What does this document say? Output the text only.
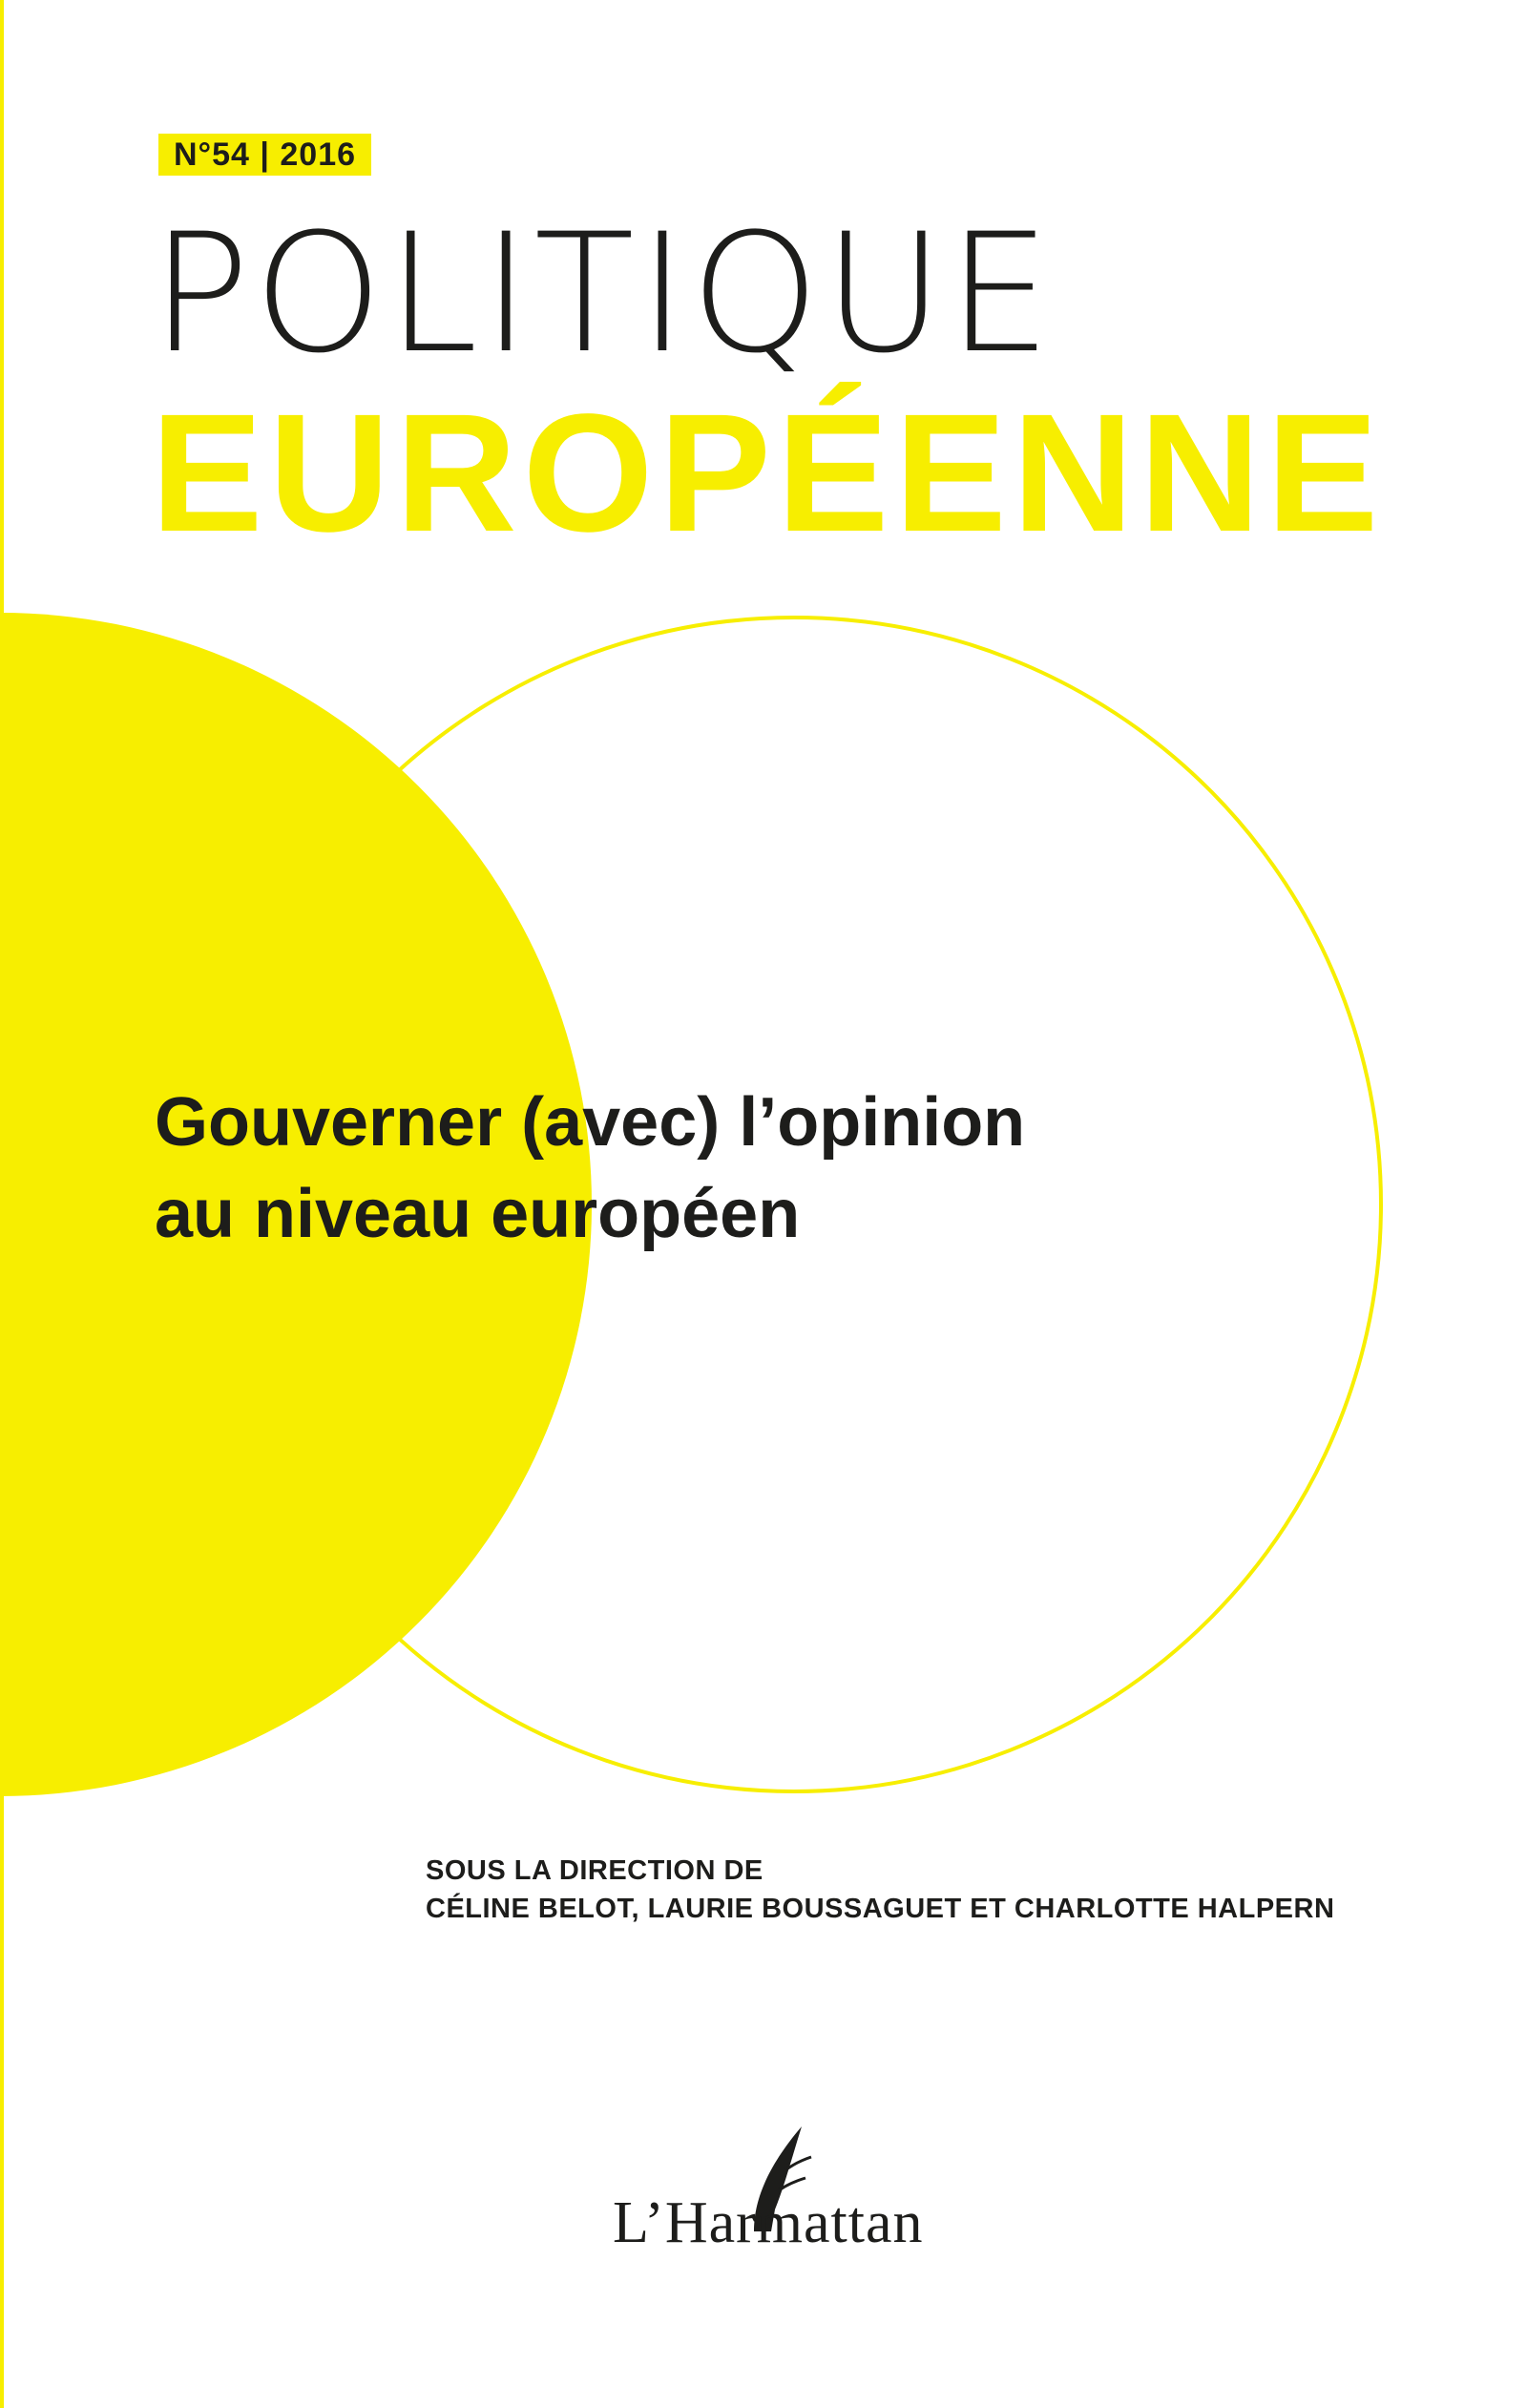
N°54 | 2016
POLITIQUE
EUROPÉENNE
Gouverner (avec) l’opinion
au niveau européen
SOUS LA DIRECTION DE
CÉLINE BELOT, LAURIE BOUSSAGUET ET CHARLOTTE HALPERN
L’Harmattan
